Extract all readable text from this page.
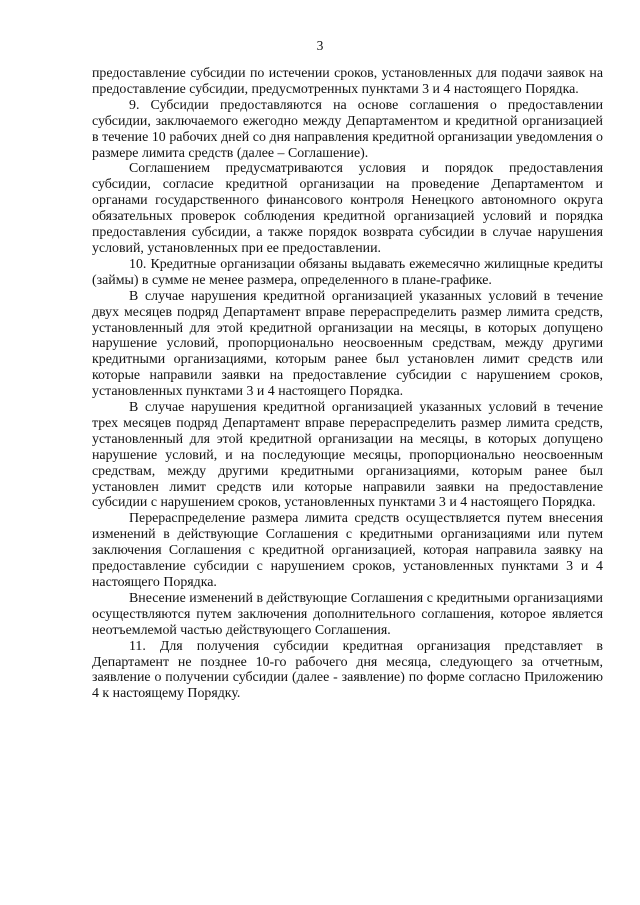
3

предоставление субсидии по истечении сроков, установленных для подачи заявок на предоставление субсидии, предусмотренных пунктами 3 и 4 настоящего Порядка.

9. Субсидии предоставляются на основе соглашения о предоставлении субсидии, заключаемого ежегодно между Департаментом и кредитной организацией в течение 10 рабочих дней со дня направления кредитной организации уведомления о размере лимита средств (далее – Соглашение).

Соглашением предусматриваются условия и порядок предоставления субсидии, согласие кредитной организации на проведение Департаментом и органами государственного финансового контроля Ненецкого автономного округа обязательных проверок соблюдения кредитной организацией условий и порядка предоставления субсидии, а также порядок возврата субсидии в случае нарушения условий, установленных при ее предоставлении.

10. Кредитные организации обязаны выдавать ежемесячно жилищные кредиты (займы) в сумме не менее размера, определенного в плане-графике.

В случае нарушения кредитной организацией указанных условий в течение двух месяцев подряд Департамент вправе перераспределить размер лимита средств, установленный для этой кредитной организации на месяцы, в которых допущено нарушение условий, пропорционально неосвоенным средствам, между другими кредитными организациями, которым ранее был установлен лимит средств или которые направили заявки на предоставление субсидии с нарушением сроков, установленных пунктами 3 и 4 настоящего Порядка.

В случае нарушения кредитной организацией указанных условий в течение трех месяцев подряд Департамент вправе перераспределить размер лимита средств, установленный для этой кредитной организации на месяцы, в которых допущено нарушение условий, и на последующие месяцы, пропорционально неосвоенным средствам, между другими кредитными организациями, которым ранее был установлен лимит средств или которые направили заявки на предоставление субсидии с нарушением сроков, установленных пунктами 3 и 4 настоящего Порядка.

Перераспределение размера лимита средств осуществляется путем внесения изменений в действующие Соглашения с кредитными организациями или путем заключения Соглашения с кредитной организацией, которая направила заявку на предоставление субсидии с нарушением сроков, установленных пунктами 3 и 4 настоящего Порядка.

Внесение изменений в действующие Соглашения с кредитными организациями осуществляются путем заключения дополнительного соглашения, которое является неотъемлемой частью действующего Соглашения.

11. Для получения субсидии кредитная организация представляет в Департамент не позднее 10-го рабочего дня месяца, следующего за отчетным, заявление о получении субсидии (далее - заявление) по форме согласно Приложению 4 к настоящему Порядку.
